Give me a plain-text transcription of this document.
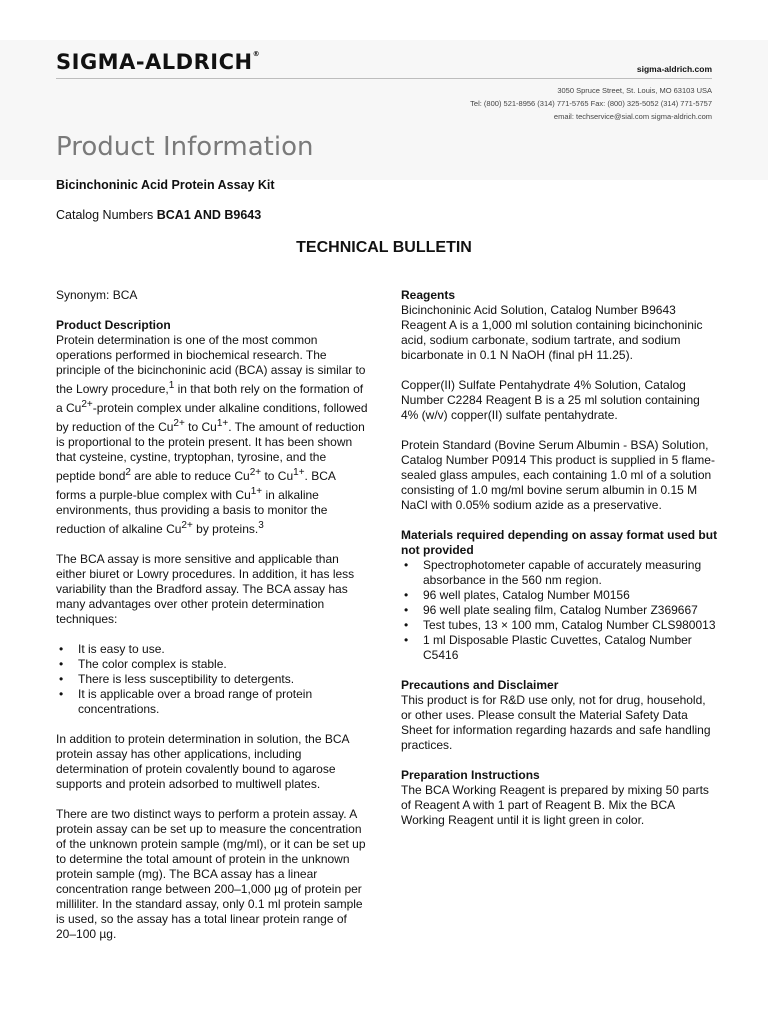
SIGMA-ALDRICH®
sigma-aldrich.com
3050 Spruce Street, St. Louis, MO 63103 USA
Tel: (800) 521-8956 (314) 771-5765 Fax: (800) 325-5052 (314) 771-5757
email: techservice@sial.com sigma-aldrich.com
Product Information
Bicinchoninic Acid Protein Assay Kit
Catalog Numbers BCA1 AND B9643
TECHNICAL BULLETIN

Synonym: BCA

Product Description

Protein determination is one of the most common operations performed in biochemical research. The principle of the bicinchoninic acid (BCA) assay is similar to the Lowry procedure,$^1$ in that both rely on the formation of a $Cu^{2+}$-protein complex under alkaline conditions, followed by reduction of the $Cu^{2+}$ to $Cu^{1+}$. The amount of reduction is proportional to the protein present. It has been shown that cysteine, cystine, tryptophan, tyrosine, and the peptide bond$^2$ are able to reduce $Cu^{2+}$ to $Cu^{1+}$. BCA forms a purple-blue complex with $Cu^{1+}$ in alkaline environments, thus providing a basis to monitor the reduction of alkaline $Cu^{2+}$ by proteins.$^3$

The BCA assay is more sensitive and applicable than either biuret or Lowry procedures. In addition, it has less variability than the Bradford assay. The BCA assay has many advantages over other protein determination techniques:

• It is easy to use.
• The color complex is stable.
• There is less susceptibility to detergents.
• It is applicable over a broad range of protein concentrations.

In addition to protein determination in solution, the BCA protein assay has other applications, including determination of protein covalently bound to agarose supports and protein adsorbed to multiwell plates.

There are two distinct ways to perform a protein assay. A protein assay can be set up to measure the concentration of the unknown protein sample (mg/ml), or it can be set up to determine the total amount of protein in the unknown protein sample (mg). The BCA assay has a linear concentration range between 200–1,000 µg of protein per milliliter. In the standard assay, only 0.1 ml protein sample is used, so the assay has a total linear protein range of 20–100 µg.

Reagents

Bicinchoninic Acid Solution, Catalog Number B9643 Reagent A is a 1,000 ml solution containing bicinchoninic acid, sodium carbonate, sodium tartrate, and sodium bicarbonate in 0.1 N NaOH (final pH 11.25).

Copper(II) Sulfate Pentahydrate 4% Solution, Catalog Number C2284 Reagent B is a 25 ml solution containing 4% (w/v) copper(II) sulfate pentahydrate.

Protein Standard (Bovine Serum Albumin - BSA) Solution, Catalog Number P0914 This product is supplied in 5 flame-sealed glass ampules, each containing 1.0 ml of a solution consisting of 1.0 mg/ml bovine serum albumin in 0.15 M NaCl with 0.05% sodium azide as a preservative.

Materials required depending on assay format used but not provided
• Spectrophotometer capable of accurately measuring absorbance in the 560 nm region.
• 96 well plates, Catalog Number M0156
• 96 well plate sealing film, Catalog Number Z369667
• Test tubes, 13 × 100 mm, Catalog Number CLS980013
• 1 ml Disposable Plastic Cuvettes, Catalog Number C5416
Precautions and Disclaimer

This product is for R&D use only, not for drug, household, or other uses. Please consult the Material Safety Data Sheet for information regarding hazards and safe handling practices.

Preparation Instructions

The BCA Working Reagent is prepared by mixing 50 parts of Reagent A with 1 part of Reagent B. Mix the BCA Working Reagent until it is light green in color.
